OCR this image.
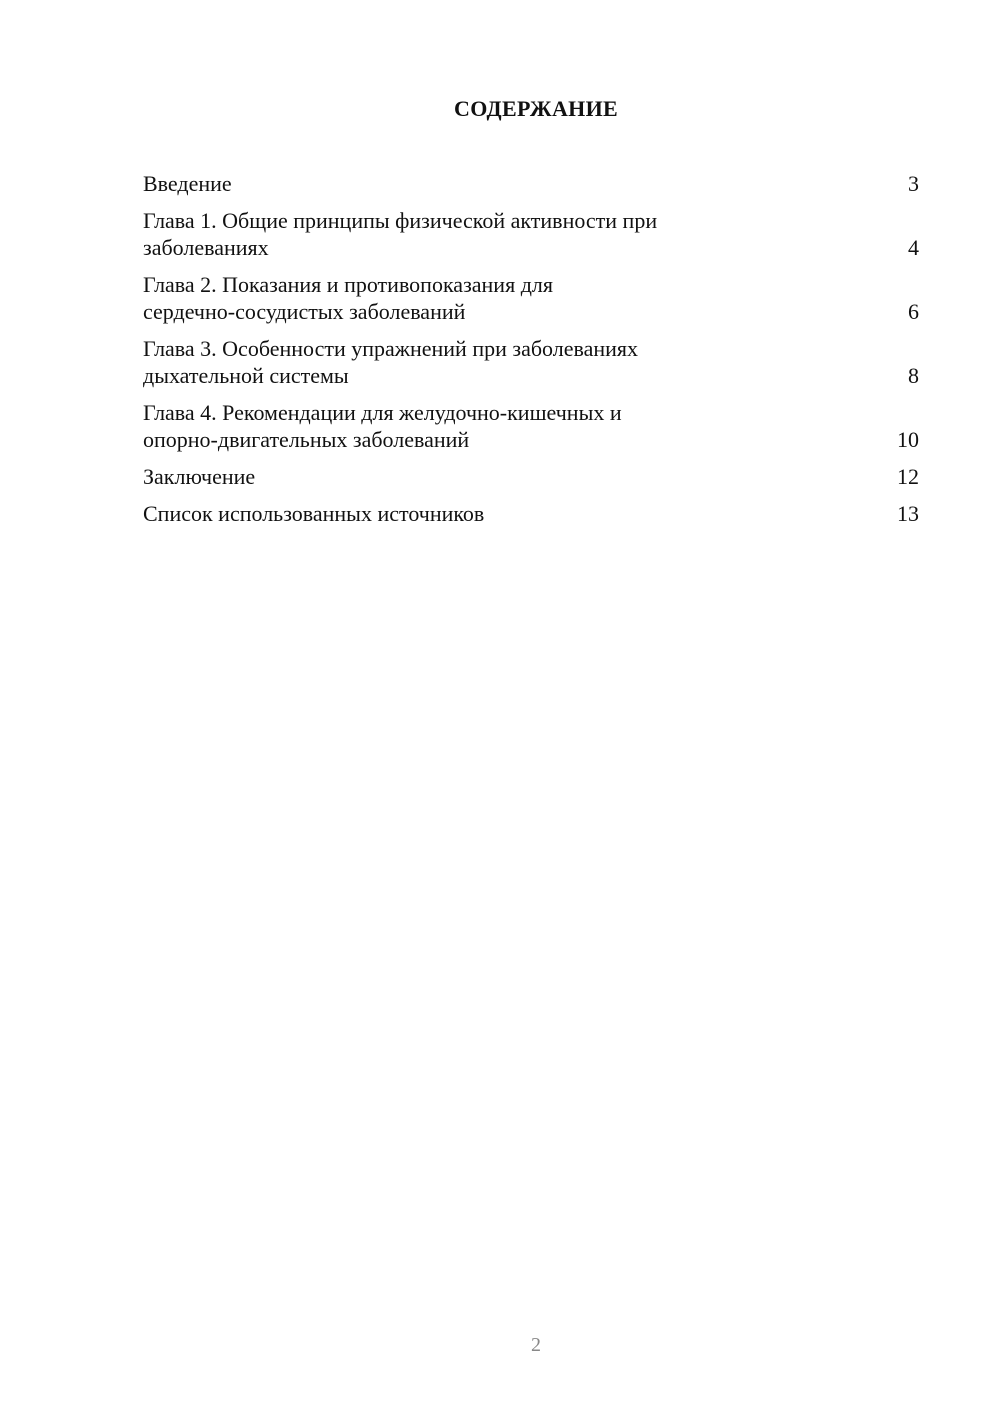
СОДЕРЖАНИЕ
Введение	3
Глава 1. Общие принципы физической активности при
заболеваниях	4
Глава 2. Показания и противопоказания для
сердечно-сосудистых заболеваний	6
Глава 3. Особенности упражнений при заболеваниях
дыхательной системы	8
Глава 4. Рекомендации для желудочно-кишечных и
опорно-двигательных заболеваний	10
Заключение	12
Список использованных источников	13

2
